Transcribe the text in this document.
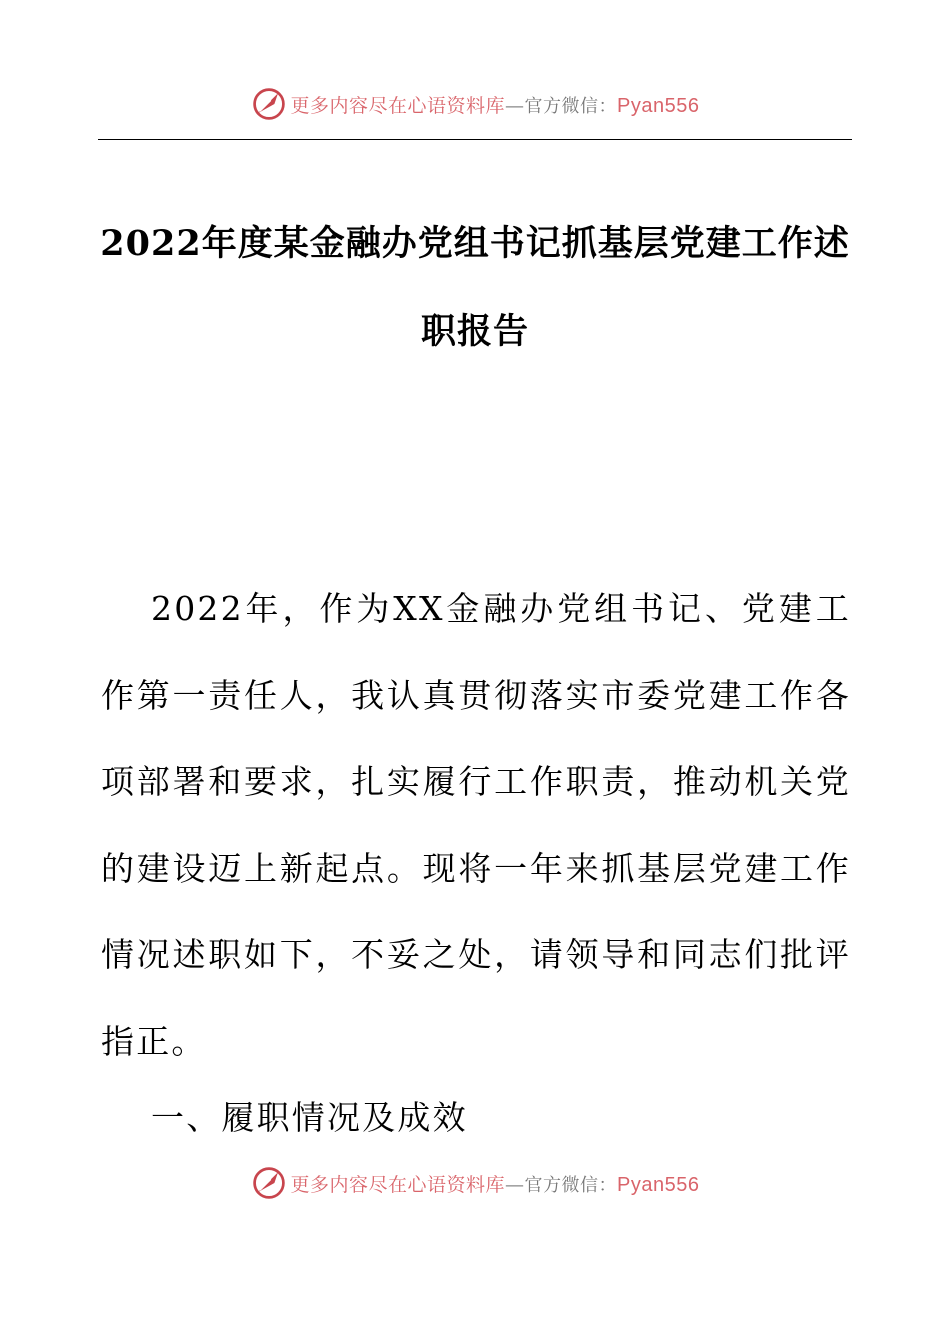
更多内容尽在心语资料库—官方微信：Pyan556
2022年度某金融办党组书记抓基层党建工作述职报告
2022年，作为XX金融办党组书记、党建工作第一责任人，我认真贯彻落实市委党建工作各项部署和要求，扎实履行工作职责，推动机关党的建设迈上新起点。现将一年来抓基层党建工作情况述职如下，不妥之处，请领导和同志们批评指正。
一、履职情况及成效
更多内容尽在心语资料库—官方微信：Pyan556
